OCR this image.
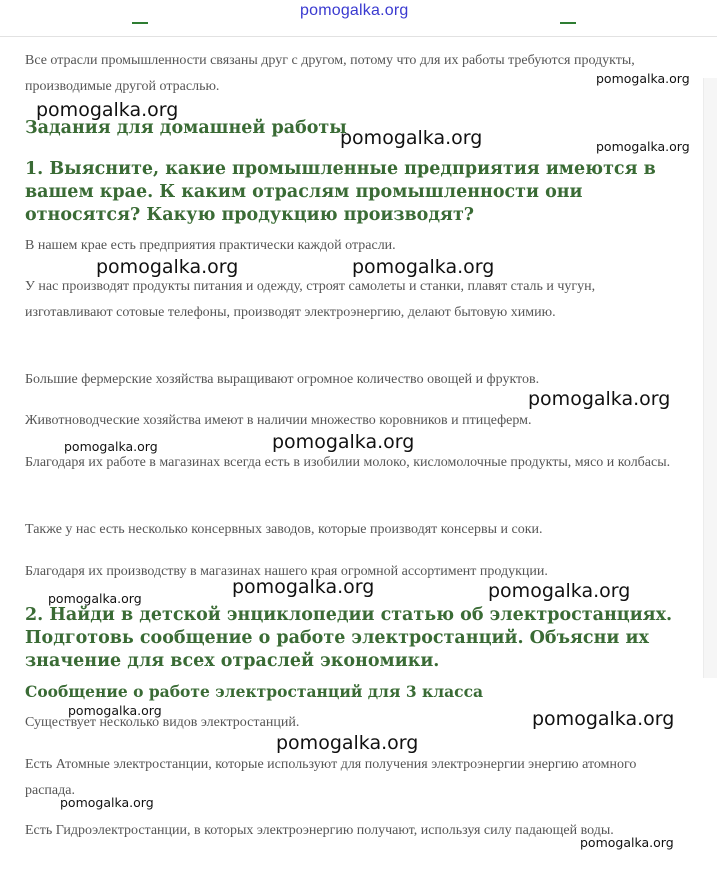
pomogalka.org
Все отрасли промышленности связаны друг с другом, потому что для их работы требуются продукты, производимые другой отраслью.
Задания для домашней работы
1. Выясните, какие промышленные предприятия имеются в вашем крае. К каким отраслям промышленности они относятся? Какую продукцию производят?
В нашем крае есть предприятия практически каждой отрасли.
У нас производят продукты питания и одежду, строят самолеты и станки, плавят сталь и чугун, изготавливают сотовые телефоны, производят электроэнергию, делают бытовую химию.
Большие фермерские хозяйства выращивают огромное количество овощей и фруктов.
Животноводческие хозяйства имеют в наличии множество коровников и птицеферм.
Благодаря их работе в магазинах всегда есть в изобилии молоко, кисломолочные продукты, мясо и колбасы.
Также у нас есть несколько консервных заводов, которые производят консервы и соки.
Благодаря их производству в магазинах нашего края огромной ассортимент продукции.
2. Найди в детской энциклопедии статью об электростанциях. Подготовь сообщение о работе электростанций. Объясни их значение для всех отраслей экономики.
Сообщение о работе электростанций для 3 класса
Существует несколько видов электростанций.
Есть Атомные электростанции, которые используют для получения электроэнергии энергию атомного распада.
Есть Гидроэлектростанции, в которых электроэнергию получают, используя силу падающей воды.
pomogalka.org
pomogalka.org
pomogalka.org	pomogalka.org
pomogalka.org	pomogalka.org
pomogalka.org
pomogalka.org
pomogalka.org
pomogalka.org	pomogalka.org
pomogalka.org
pomogalka.org	pomogalka.org
pomogalka.org
pomogalka.org
pomogalka.org
